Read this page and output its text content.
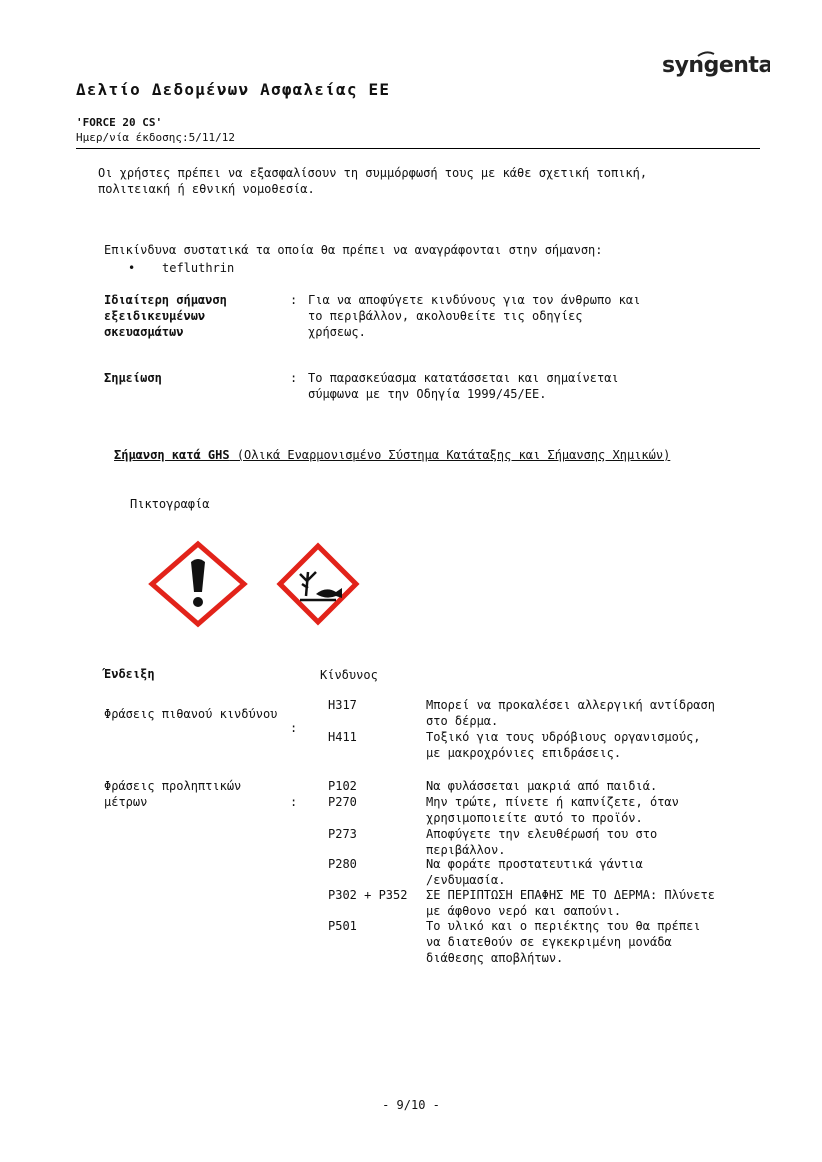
syngenta
Δελτίο Δεδομένων Ασφαλείας ΕΕ
'FORCE 20 CS'
Ημερ/νία έκδοσης:5/11/12
Οι χρήστες πρέπει να εξασφαλίσουν τη συμμόρφωσή τους με κάθε σχετική τοπική,
πολιτειακή ή εθνική νομοθεσία.
Επικίνδυνα συστατικά τα οποία θα πρέπει να αναγράφονται στην σήμανση:
• tefluthrin
Ιδιαίτερη σήμανση
εξειδικευμένων
σκευασμάτων
: Για να αποφύγετε κινδύνους για τον άνθρωπο και
το περιβάλλον, ακολουθείτε τις οδηγίες
χρήσεως.
Σημείωση	: Το παρασκεύασμα κατατάσσεται και σημαίνεται
σύμφωνα με την Οδηγία 1999/45/ΕΕ.
Σήμανση κατά GHS (Ολικά Εναρμονισμένο Σύστημα Κατάταξης και Σήμανσης Χημικών)
Πικτογραφία
Ένδειξη	Κίνδυνος
Φράσεις πιθανού κινδύνου
:
H317	Μπορεί να προκαλέσει αλλεργική αντίδραση
στο δέρμα.
H411	Τοξικό για τους υδρόβιους οργανισμούς,
με μακροχρόνιες επιδράσεις.
Φράσεις προληπτικών
μέτρων	:
P102	Να φυλάσσεται μακριά από παιδιά.
P270	Μην τρώτε, πίνετε ή καπνίζετε, όταν
χρησιμοποιείτε αυτό το προϊόν.
P273	Αποφύγετε την ελευθέρωσή του στο
περιβάλλον.
P280	Να φοράτε προστατευτικά γάντια
/ενδυμασία.
P302 + P352 ΣΕ ΠΕΡΙΠΤΩΣΗ ΕΠΑΦΗΣ ΜΕ ΤΟ ΔΕΡΜΑ: Πλύνετε
με άφθονο νερό και σαπούνι.
P501	Το υλικό και ο περιέκτης του θα πρέπει
να διατεθούν σε εγκεκριμένη μονάδα
διάθεσης αποβλήτων.
- 9/10 -
